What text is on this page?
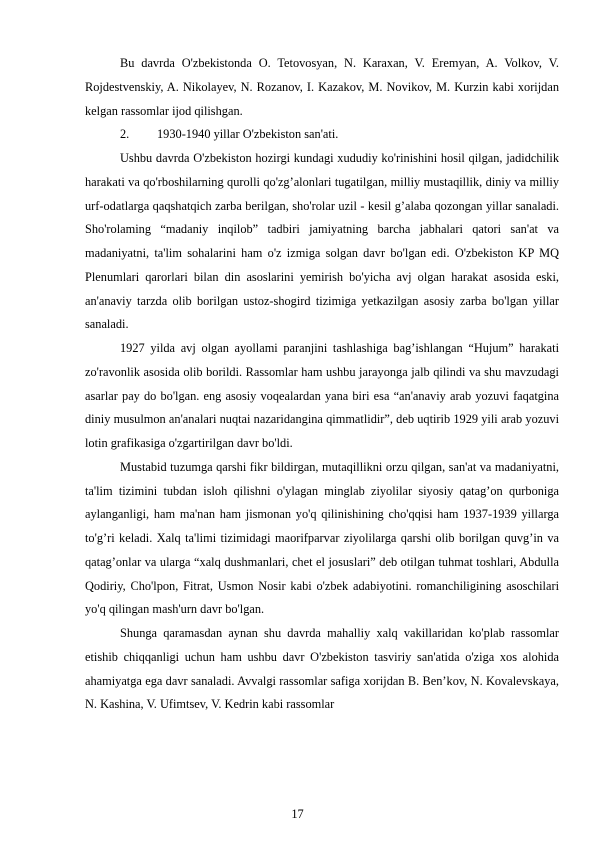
Bu davrda O'zbekistonda O. Tetovosyan, N. Karaxan, V. Eremyan, A. Volkov, V. Rojdestvenskiy, A. Nikolayev, N. Rozanov, I. Kazakov, M. Novikov, M. Kurzin kabi xorijdan kelgan rassomlar ijod qilishgan.

2. 1930-1940 yillar O'zbekiston san'ati.

Ushbu davrda O'zbekiston hozirgi kundagi xududiy ko'rinishini hosil qilgan, jadidchilik harakati va qo'rboshilarning qurolli qo'zg’alonlari tugatilgan, milliy mustaqillik, diniy va milliy urf-odatlarga qaqshatqich zarba berilgan, sho'rolar uzil - kesil g’alaba qozongan yillar sanaladi. Sho'rolaming “madaniy inqilob” tadbiri jamiyatning barcha jabhalari qatori san'at va madaniyatni, ta'lim sohalarini ham o'z izmiga solgan davr bo'lgan edi. O'zbekiston KP MQ Plenumlari qarorlari bilan din asoslarini yemirish bo'yicha avj olgan harakat asosida eski, an'anaviy tarzda olib borilgan ustoz-shogird tizimiga yetkazilgan asosiy zarba bo'lgan yillar sanaladi.

1927 yilda avj olgan ayollami paranjini tashlashiga bag’ishlangan “Hujum” harakati zo'ravonlik asosida olib borildi. Rassomlar ham ushbu jarayonga jalb qilindi va shu mavzudagi asarlar pay do bo'lgan. eng asosiy voqealardan yana biri esa “an'anaviy arab yozuvi faqatgina diniy musulmon an'analari nuqtai nazaridangina qimmatlidir”, deb uqtirib 1929 yili arab yozuvi lotin grafikasiga o'zgartirilgan davr bo'ldi.

Mustabid tuzumga qarshi fikr bildirgan, mutaqillikni orzu qilgan, san'at va madaniyatni, ta'lim tizimini tubdan isloh qilishni o'ylagan minglab ziyolilar siyosiy qatag’on qurboniga aylanganligi, ham ma'nan ham jismonan yo'q qilinishining cho'qqisi ham 1937-1939 yillarga to'g’ri keladi. Xalq ta'limi tizimidagi maorifparvar ziyolilarga qarshi olib borilgan quvg’in va qatag’onlar va ularga “xalq dushmanlari, chet el josuslari” deb otilgan tuhmat toshlari, Abdulla Qodiriy, Cho'lpon, Fitrat, Usmon Nosir kabi o'zbek adabiyotini. romanchiligining asoschilari yo'q qilingan mash'urn davr bo'lgan.

Shunga qaramasdan aynan shu davrda mahalliy xalq vakillaridan ko'plab rassomlar etishib chiqqanligi uchun ham ushbu davr O'zbekiston tasviriy san'atida o'ziga xos alohida ahamiyatga ega davr sanaladi. Avvalgi rassomlar safiga xorijdan B. Ben’kov, N. Kovalevskaya, N. Kashina, V. Ufimtsev, V. Kedrin kabi rassomlar

17
